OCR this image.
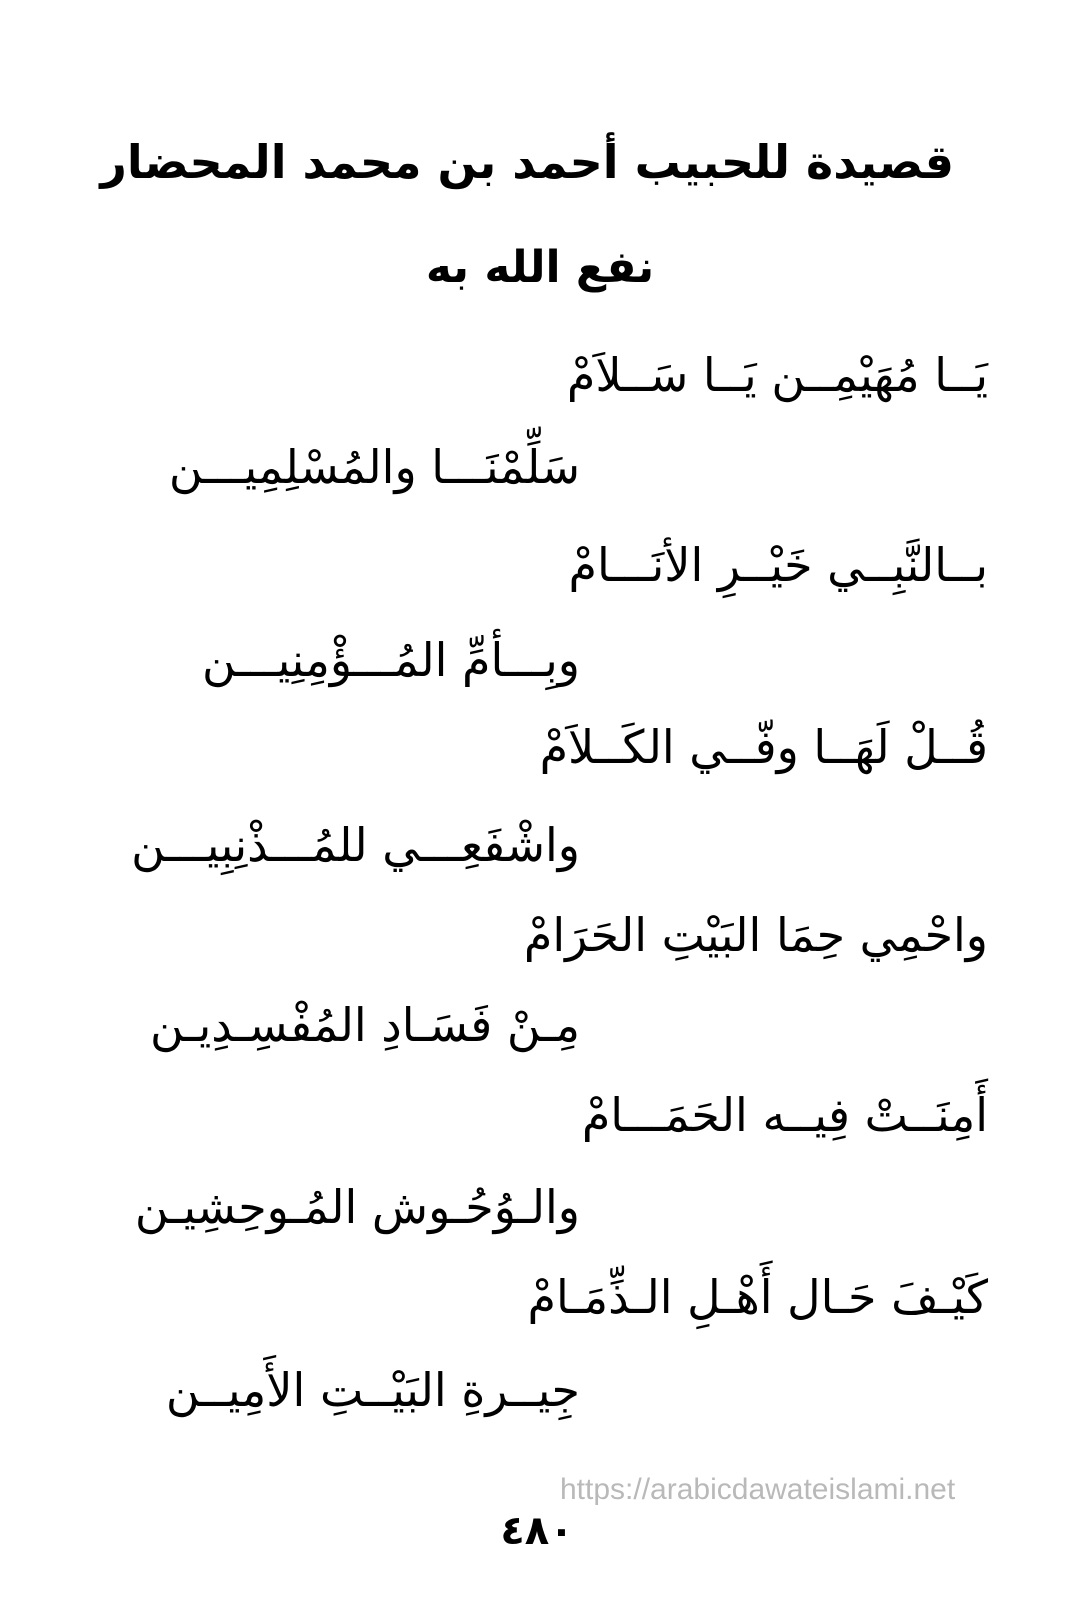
قصيدة للحبيب أحمد بن محمد المحضار
نفع الله به
يَــا مُهَيْمِــن يَــا سَــلاَمْ
سَلِّمْنَـــا والمُسْلِمِيـــن
بــالنَّبِــي خَيْــرِ الأنَـــامْ
وبِـــأمِّ المُـــؤْمِنِيـــن
قُــلْ لَهَــا وفّــي الكَــلاَمْ
واشْفَعِـــي للمُـــذْنِبِيـــن
واحْمِي حِمَا البَيْتِ الحَرَامْ
مِـنْ فَسَـادِ المُفْسِـدِيـن
أَمِنَــتْ فِيــه الحَمَـــامْ
والـوُحُـوش المُـوحِشِيـن
كَيْـفَ حَـال أَهْـلِ الـذِّمَـامْ
جِيــرةِ البَيْــتِ الأَمِيــن
https://arabicdawateislami.net
٤٨٠
